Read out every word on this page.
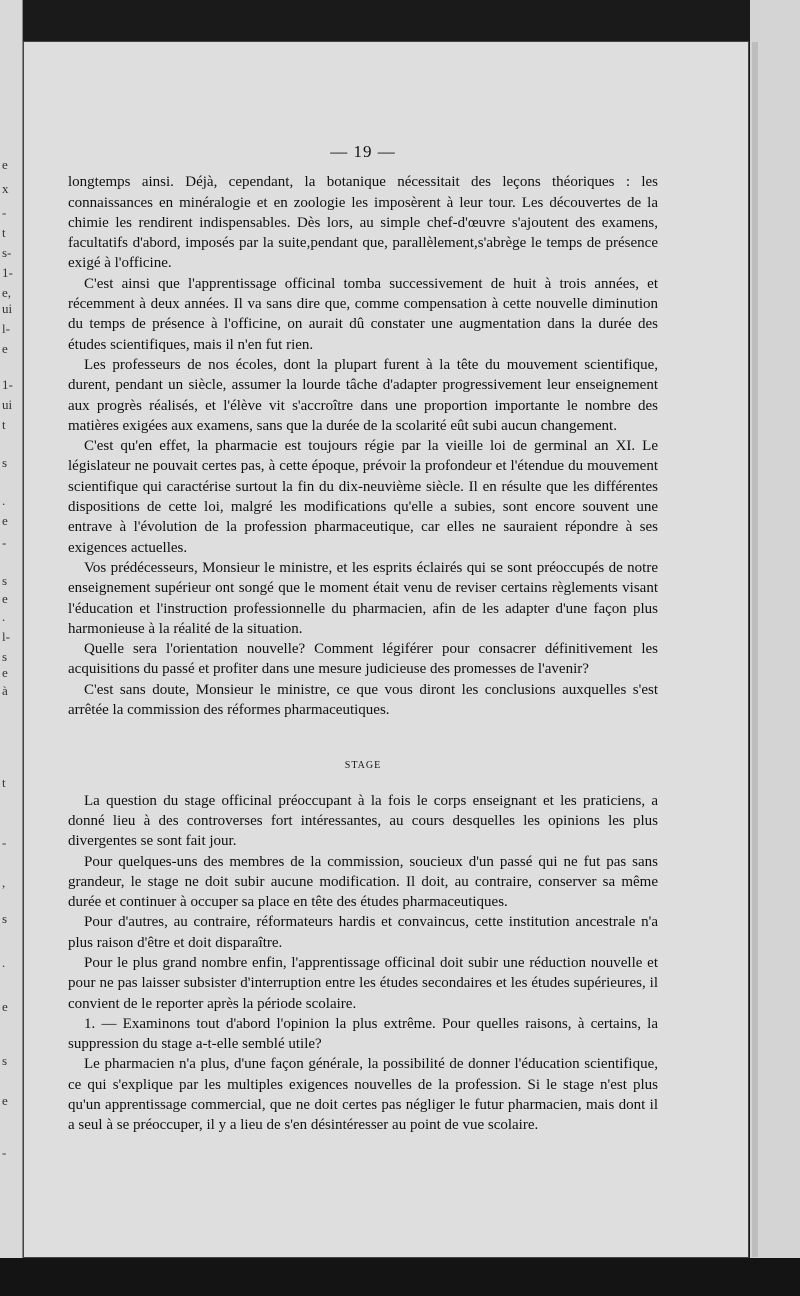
e
x
-
t
s-
1-
e,
ui
l-
e
1-
ui
t
s
.
e
-
s
e
.
l-
s
e
à
t
-
,
s
.
e
s
e
-
— 19 —

longtemps ainsi. Déjà, cependant, la botanique nécessitait des leçons théoriques : les connaissances en minéralogie et en zoologie les imposèrent à leur tour. Les découvertes de la chimie les rendirent indispensables. Dès lors, au simple chef-d'œuvre s'ajoutent des examens, facultatifs d'abord, imposés par la suite,pendant que, parallèlement,s'abrège le temps de présence exigé à l'officine.

C'est ainsi que l'apprentissage officinal tomba successivement de huit à trois années, et récemment à deux années. Il va sans dire que, comme compensation à cette nouvelle diminution du temps de présence à l'officine, on aurait dû constater une augmentation dans la durée des études scientifiques, mais il n'en fut rien.

Les professeurs de nos écoles, dont la plupart furent à la tête du mouvement scientifique, durent, pendant un siècle, assumer la lourde tâche d'adapter progressivement leur enseignement aux progrès réalisés, et l'élève vit s'accroître dans une proportion importante le nombre des matières exigées aux examens, sans que la durée de la scolarité eût subi aucun changement.

C'est qu'en effet, la pharmacie est toujours régie par la vieille loi de germinal an XI. Le législateur ne pouvait certes pas, à cette époque, prévoir la profondeur et l'étendue du mouvement scientifique qui caractérise surtout la fin du dix-neuvième siècle. Il en résulte que les différentes dispositions de cette loi, malgré les modifications qu'elle a subies, sont encore souvent une entrave à l'évolution de la profession pharmaceutique, car elles ne sauraient répondre à ses exigences actuelles.

Vos prédécesseurs, Monsieur le ministre, et les esprits éclairés qui se sont préoccupés de notre enseignement supérieur ont songé que le moment était venu de reviser certains règlements visant l'éducation et l'instruction professionnelle du pharmacien, afin de les adapter d'une façon plus harmonieuse à la réalité de la situation.

Quelle sera l'orientation nouvelle? Comment légiférer pour consacrer définitivement les acquisitions du passé et profiter dans une mesure judicieuse des promesses de l'avenir?

C'est sans doute, Monsieur le ministre, ce que vous diront les conclusions auxquelles s'est arrêtée la commission des réformes pharmaceutiques.

STAGE

La question du stage officinal préoccupant à la fois le corps enseignant et les praticiens, a donné lieu à des controverses fort intéressantes, au cours desquelles les opinions les plus divergentes se sont fait jour.

Pour quelques-uns des membres de la commission, soucieux d'un passé qui ne fut pas sans grandeur, le stage ne doit subir aucune modification. Il doit, au contraire, conserver sa même durée et continuer à occuper sa place en tête des études pharmaceutiques.

Pour d'autres, au contraire, réformateurs hardis et convaincus, cette institution ancestrale n'a plus raison d'être et doit disparaître.

Pour le plus grand nombre enfin, l'apprentissage officinal doit subir une réduction nouvelle et pour ne pas laisser subsister d'interruption entre les études secondaires et les études supérieures, il convient de le reporter après la période scolaire.

1. — Examinons tout d'abord l'opinion la plus extrême. Pour quelles raisons, à certains, la suppression du stage a-t-elle semblé utile?

Le pharmacien n'a plus, d'une façon générale, la possibilité de donner l'éducation scientifique, ce qui s'explique par les multiples exigences nouvelles de la profession. Si le stage n'est plus qu'un apprentissage commercial, que ne doit certes pas négliger le futur pharmacien, mais dont il a seul à se préoccuper, il y a lieu de s'en désintéresser au point de vue scolaire.
